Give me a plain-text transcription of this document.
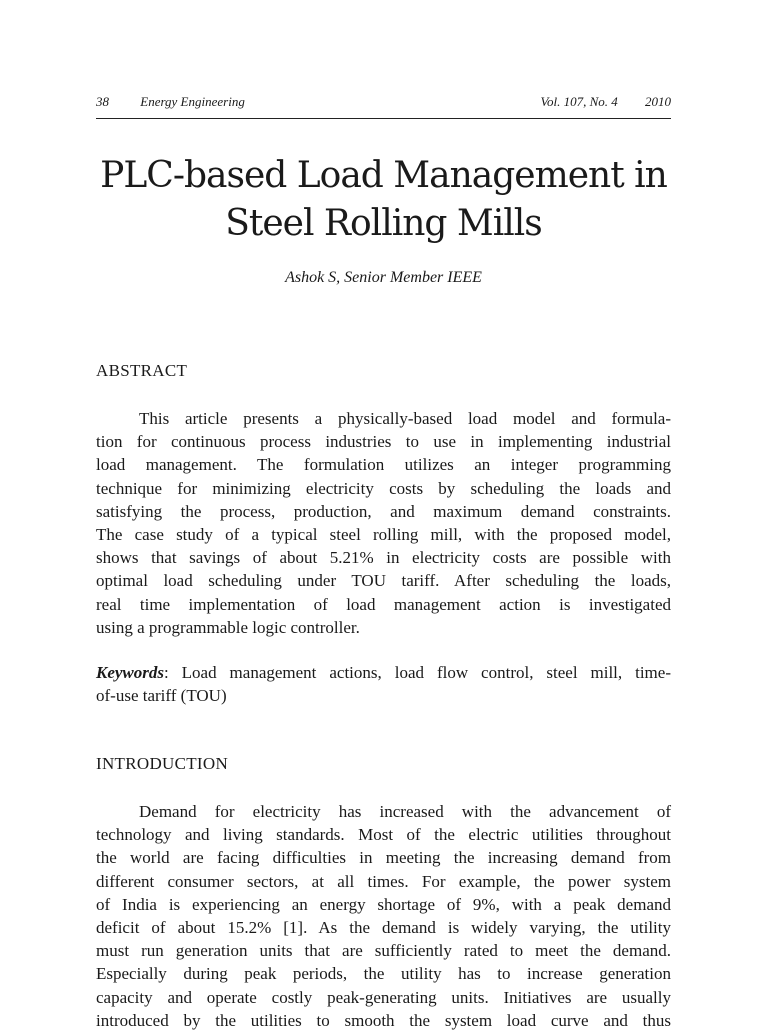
38 Energy Engineering	Vol. 107, No. 4 2010
PLC-based Load Management in
Steel Rolling Mills
Ashok S, Senior Member IEEE
ABSTRACT
This article presents a physically-based load model and formula-
tion for continuous process industries to use in implementing industrial
load management. The formulation utilizes an integer programming
technique for minimizing electricity costs by scheduling the loads and
satisfying the process, production, and maximum demand constraints.
The case study of a typical steel rolling mill, with the proposed model,
shows that savings of about 5.21% in electricity costs are possible with
optimal load scheduling under TOU tariff. After scheduling the loads,
real time implementation of load management action is investigated
using a programmable logic controller.
Keywords: Load management actions, load flow control, steel mill, time-
of-use tariff (TOU)
INTRODUCTION
Demand for electricity has increased with the advancement of
technology and living standards. Most of the electric utilities throughout
the world are facing difficulties in meeting the increasing demand from
different consumer sectors, at all times. For example, the power system
of India is experiencing an energy shortage of 9%, with a peak demand
deficit of about 15.2% [1]. As the demand is widely varying, the utility
must run generation units that are sufficiently rated to meet the demand.
Especially during peak periods, the utility has to increase generation
capacity and operate costly peak-generating units. Initiatives are usually
introduced by the utilities to smooth the system load curve and thus
